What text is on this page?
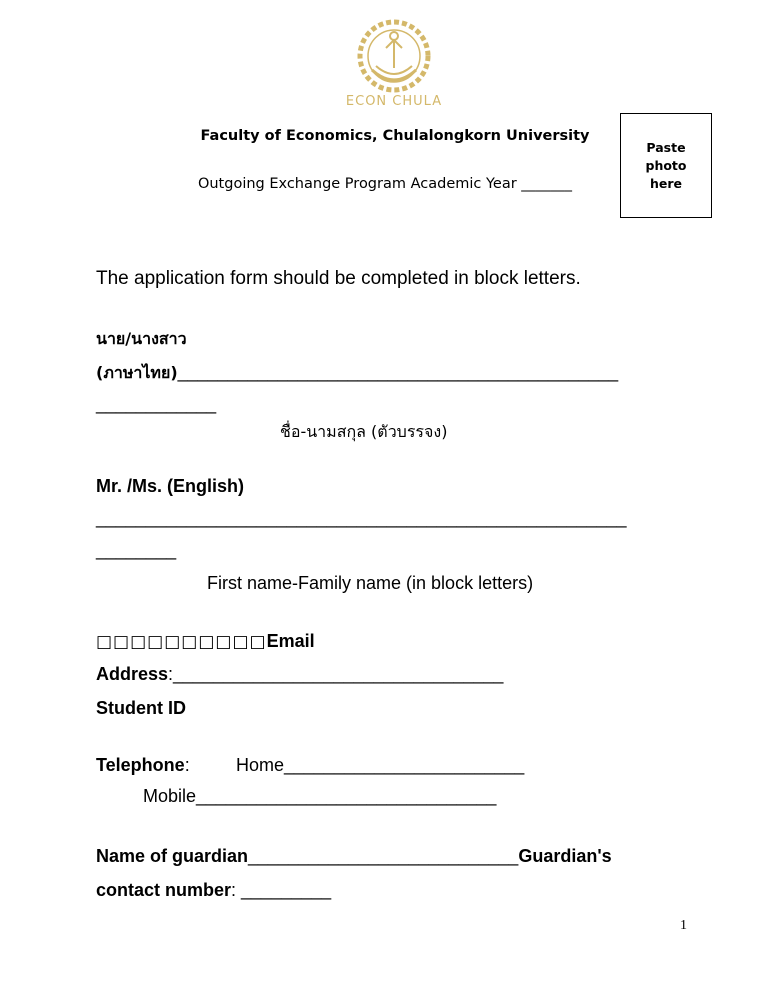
ECON CHULA
Faculty of Economics, Chulalongkorn University
Outgoing Exchange Program Academic Year _______
Paste photo here
The application form should be completed in block letters.
นาย/นางสาว
(ภาษาไทย)____________________________________________
____________
ชื่อ-นามสกุล (ตัวบรรจง)
Mr. /Ms. (English)
_____________________________________________________
________
First name-Family name (in block letters)
□□□□□□□□□□Email
Address:_________________________________
Student ID
Telephone:	Home________________________
Mobile______________________________
Name of guardian___________________________Guardian's
contact number: _________
1
